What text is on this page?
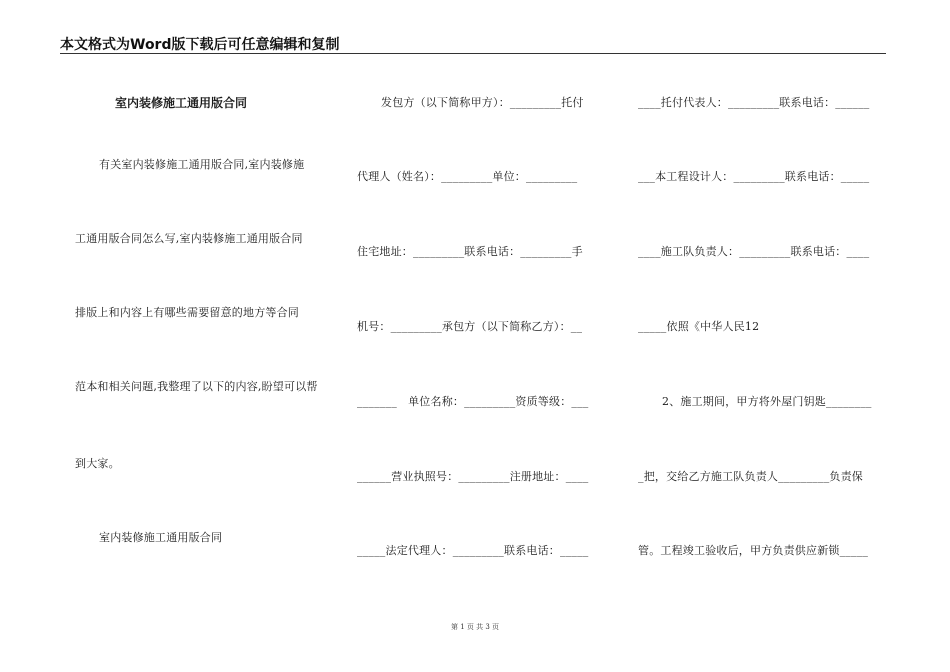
本文格式为Word版下载后可任意编辑和复制
室内装修施工通用版合同
有关室内装修施工通用版合同,室内装修施
工通用版合同怎么写,室内装修施工通用版合同
排版上和内容上有哪些需要留意的地方等合同
范本和相关问题,我整理了以下的内容,盼望可以帮
到大家。
室内装修施工通用版合同
发包方（以下简称甲方）：_________托付
代理人（姓名）：_________单位：_________
住宅地址：_________联系电话：_________手
机号：_________承包方（以下简称乙方）：__
_______　单位名称：_________资质等级：___
______营业执照号：_________注册地址：____
_____法定代理人：_________联系电话：_____
____托付代表人：_________联系电话：______
___本工程设计人：_________联系电话：_____
____施工队负责人：_________联系电话：____
_____依照《中华人民12
2、施工期间，甲方将外屋门钥匙________
_把，交给乙方施工队负责人_________负责保
管。工程竣工验收后，甲方负责供应新锁_____
第 1 页 共 3 页
